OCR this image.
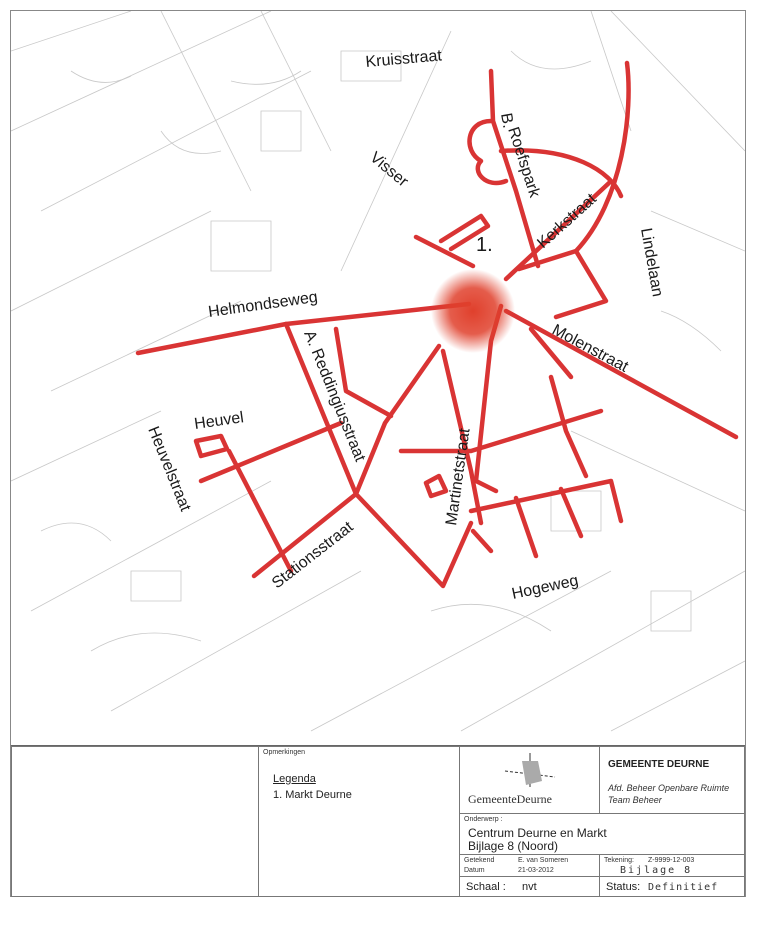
1.
Kruisstraat
B.
Roefspark
Visser
Kerkstraat
Lindelaan
Helmondseweg
A. Reddingiusstraat	Molenstraat
Heuvel
Heuvelstraat	Martinetstraat
Stationsstraat	Hogeweg
Opmerkingen
Legenda
1. Markt Deurne	GemeenteDeurne
GEMEENTE DEURNE
Afd. Beheer Openbare Ruimte
Team Beheer
Onderwerp :
Centrum Deurne en Markt
Bijlage 8 (Noord)
Getekend	E. van Someren
Datum	21-03-2012
Tekening: Z-9999-12-003
Bijlage 8
Schaal : nvt	Status: Definitief
